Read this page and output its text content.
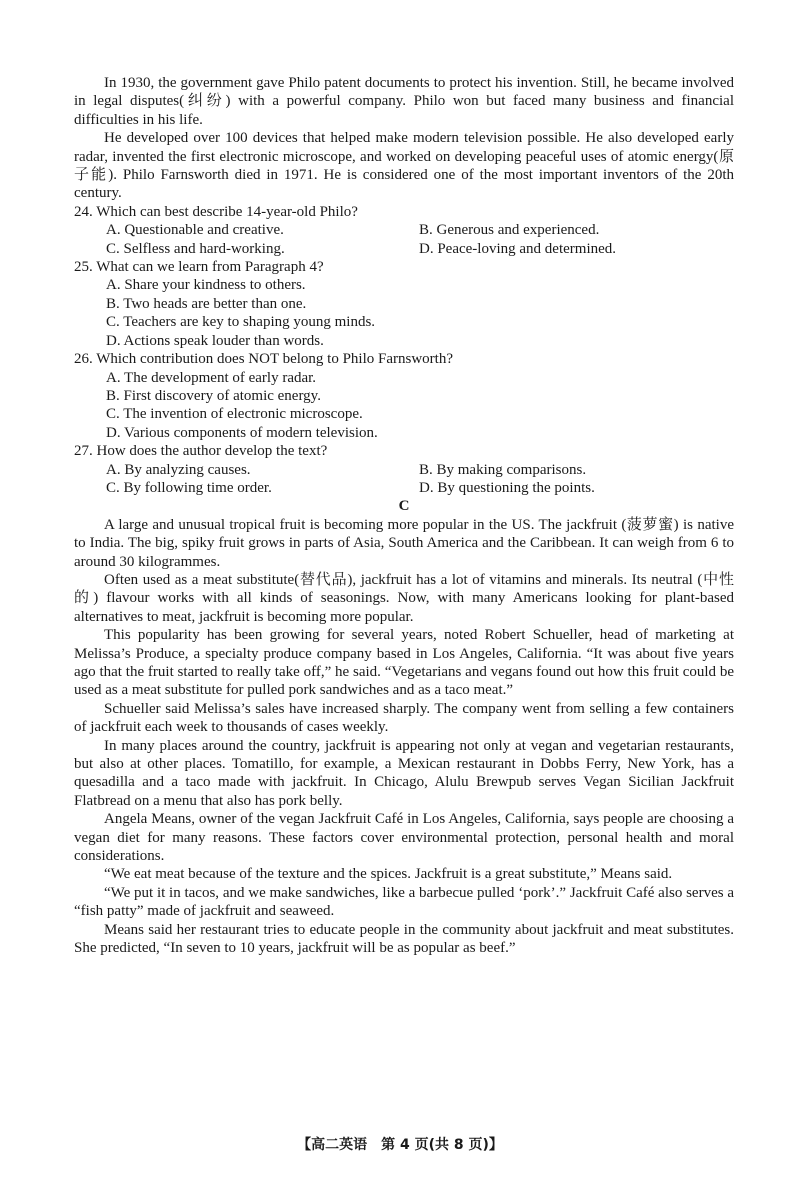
In 1930, the government gave Philo patent documents to protect his invention. Still, he became involved in legal disputes(纠纷) with a powerful company. Philo won but faced many business and financial difficulties in his life.

He developed over 100 devices that helped make modern television possible. He also developed early radar, invented the first electronic microscope, and worked on developing peaceful uses of atomic energy(原子能). Philo Farnsworth died in 1971. He is considered one of the most important inventors of the 20th century.

24. Which can best describe 14-year-old Philo?
A. Questionable and creative.	B. Generous and experienced.
C. Selfless and hard-working.	D. Peace-loving and determined.
25. What can we learn from Paragraph 4?
A. Share your kindness to others.
B. Two heads are better than one.
C. Teachers are key to shaping young minds.
D. Actions speak louder than words.
26. Which contribution does NOT belong to Philo Farnsworth?
A. The development of early radar.
B. First discovery of atomic energy.
C. The invention of electronic microscope.
D. Various components of modern television.
27. How does the author develop the text?
A. By analyzing causes.	B. By making comparisons.
C. By following time order.	D. By questioning the points.
C

A large and unusual tropical fruit is becoming more popular in the US. The jackfruit (菠萝蜜) is native to India. The big, spiky fruit grows in parts of Asia, South America and the Caribbean. It can weigh from 6 to around 30 kilogrammes.

Often used as a meat substitute(替代品), jackfruit has a lot of vitamins and minerals. Its neutral (中性的) flavour works with all kinds of seasonings. Now, with many Americans looking for plant-based alternatives to meat, jackfruit is becoming more popular.

This popularity has been growing for several years, noted Robert Schueller, head of marketing at Melissa’s Produce, a specialty produce company based in Los Angeles, California. “It was about five years ago that the fruit started to really take off,” he said. “Vegetarians and vegans found out how this fruit could be used as a meat substitute for pulled pork sandwiches and as a taco meat.”

Schueller said Melissa’s sales have increased sharply. The company went from selling a few containers of jackfruit each week to thousands of cases weekly.

In many places around the country, jackfruit is appearing not only at vegan and vegetarian restaurants, but also at other places. Tomatillo, for example, a Mexican restaurant in Dobbs Ferry, New York, has a quesadilla and a taco made with jackfruit. In Chicago, Alulu Brewpub serves Vegan Sicilian Jackfruit Flatbread on a menu that also has pork belly.

Angela Means, owner of the vegan Jackfruit Café in Los Angeles, California, says people are choosing a vegan diet for many reasons. These factors cover environmental protection, personal health and moral considerations.

“We eat meat because of the texture and the spices. Jackfruit is a great substitute,” Means said.

“We put it in tacos, and we make sandwiches, like a barbecue pulled ‘pork’.” Jackfruit Café also serves a “fish patty” made of jackfruit and seaweed.

Means said her restaurant tries to educate people in the community about jackfruit and meat substitutes. She predicted, “In seven to 10 years, jackfruit will be as popular as beef.”

【高二英语　第 4 页(共 8 页)】
